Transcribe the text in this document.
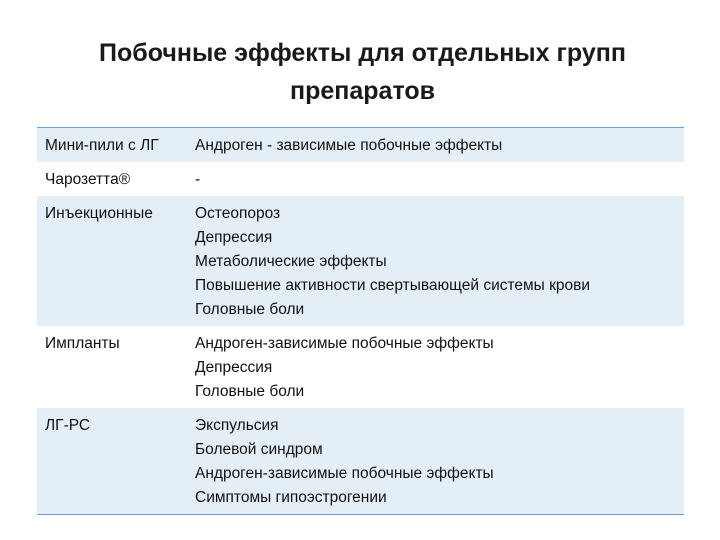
Побочные эффекты для отдельных групп
препаратов
Мини-пили с ЛГ	Андроген - зависимые побочные эффекты

Чарозетта®	-

Инъекционные	Остеопороз
Депрессия
Метаболические эффекты
Повышение активности свертывающей системы крови
Головные боли

Импланты	Андроген-зависимые побочные эффекты
Депрессия
Головные боли

ЛГ-РС	Экспульсия
Болевой синдром
Андроген-зависимые побочные эффекты
Симптомы гипоэстрогении
